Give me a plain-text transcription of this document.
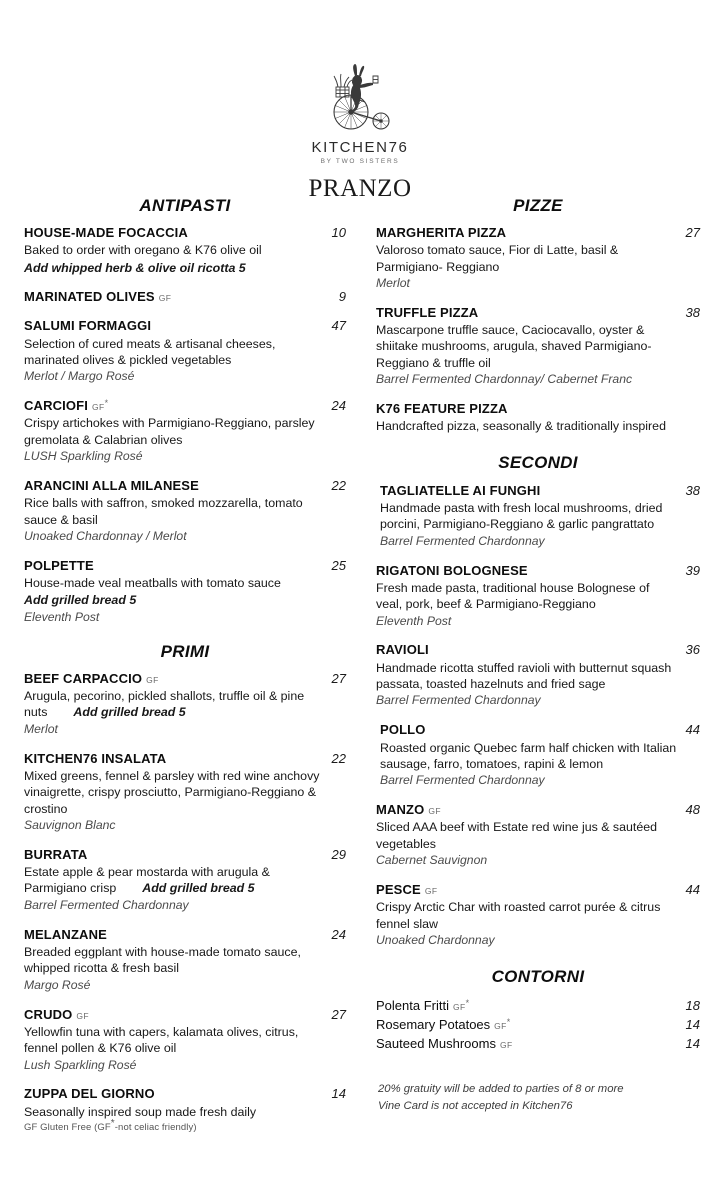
KITCHEN76
BY TWO SISTERS
PRANZO
ANTIPASTI
HOUSE-MADE FOCACCIA	10
Baked to order with oregano & K76 olive oil
Add whipped herb & olive oil ricotta 5
MARINATED OLIVES GF	9
SALUMI FORMAGGI	47
Selection of cured meats & artisanal cheeses, marinated olives & pickled vegetables
Merlot / Margo Rosé
CARCIOFI GF*	24
Crispy artichokes with Parmigiano-Reggiano, parsley gremolata & Calabrian olives
LUSH Sparkling Rosé
ARANCINI ALLA MILANESE	22
Rice balls with saffron, smoked mozzarella, tomato sauce & basil
Unoaked Chardonnay / Merlot
POLPETTE	25
House-made veal meatballs with tomato sauce
Add grilled bread 5
Eleventh Post
PRIMI
BEEF CARPACCIO GF	27
Arugula, pecorino, pickled shallots, truffle oil & pine nuts Add grilled bread 5
Merlot
KITCHEN76 INSALATA	22
Mixed greens, fennel & parsley with red wine anchovy vinaigrette, crispy prosciutto, Parmigiano-Reggiano & crostino
Sauvignon Blanc
BURRATA	29
Estate apple & pear mostarda with arugula & Parmigiano crisp Add grilled bread 5
Barrel Fermented Chardonnay
MELANZANE	24
Breaded eggplant with house-made tomato sauce, whipped ricotta & fresh basil
Margo Rosé
CRUDO GF	27
Yellowfin tuna with capers, kalamata olives, citrus, fennel pollen & K76 olive oil
Lush Sparkling Rosé
ZUPPA DEL GIORNO	14
Seasonally inspired soup made fresh daily
GF Gluten Free (GF*-not celiac friendly)
PIZZE
MARGHERITA PIZZA	27
Valoroso tomato sauce, Fior di Latte, basil & Parmigiano- Reggiano
Merlot
TRUFFLE PIZZA	38
Mascarpone truffle sauce, Caciocavallo, oyster & shiitake mushrooms, arugula, shaved Parmigiano-Reggiano & truffle oil
Barrel Fermented Chardonnay/ Cabernet Franc
K76 FEATURE PIZZA
Handcrafted pizza, seasonally & traditionally inspired
SECONDI
TAGLIATELLE AI FUNGHI	38
Handmade pasta with fresh local mushrooms, dried porcini, Parmigiano-Reggiano & garlic pangrattato
Barrel Fermented Chardonnay
RIGATONI BOLOGNESE	39
Fresh made pasta, traditional house Bolognese of veal, pork, beef & Parmigiano-Reggiano
Eleventh Post
RAVIOLI	36
Handmade ricotta stuffed ravioli with butternut squash passata, toasted hazelnuts and fried sage
Barrel Fermented Chardonnay
POLLO	44
Roasted organic Quebec farm half chicken with Italian sausage, farro, tomatoes, rapini & lemon
Barrel Fermented Chardonnay
MANZO GF	48
Sliced AAA beef with Estate red wine jus & sautéed vegetables
Cabernet Sauvignon
PESCE GF	44
Crispy Arctic Char with roasted carrot purée & citrus fennel slaw
Unoaked Chardonnay
CONTORNI
Polenta Fritti GF*	18
Rosemary Potatoes GF*	14
Sauteed Mushrooms GF	14
20% gratuity will be added to parties of 8 or more
Vine Card is not accepted in Kitchen76
